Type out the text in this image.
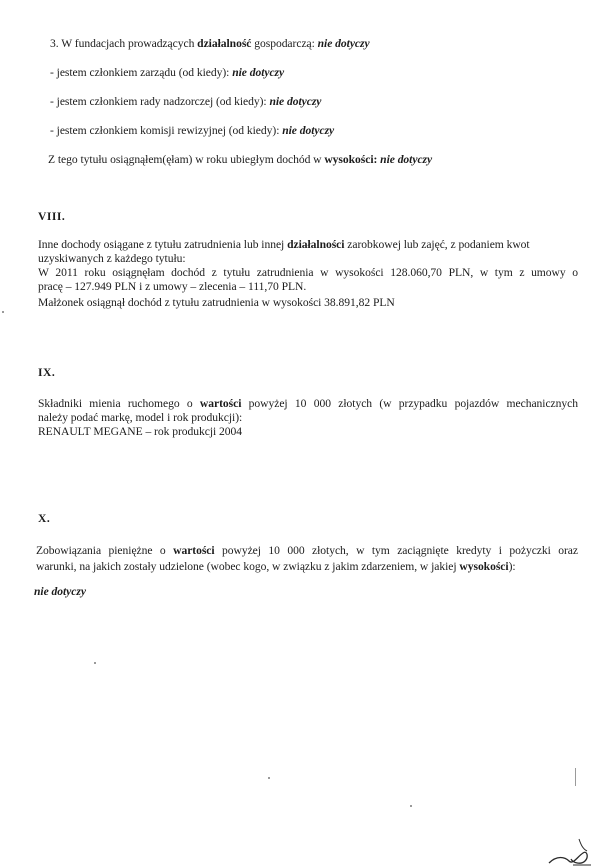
3. W fundacjach prowadzących działalność gospodarczą: nie dotyczy
- jestem członkiem zarządu (od kiedy): nie dotyczy
- jestem członkiem rady nadzorczej (od kiedy): nie dotyczy
- jestem członkiem komisji rewizyjnej (od kiedy): nie dotyczy
Z tego tytułu osiągnąłem(ęłam) w roku ubiegłym dochód w wysokości: nie dotyczy
VIII.
Inne dochody osiągane z tytułu zatrudnienia lub innej działalności zarobkowej lub zajęć, z podaniem kwot
uzyskiwanych z każdego tytułu:
W 2011 roku osiągnęłam dochód z tytułu zatrudnienia w wysokości 128.060,70 PLN, w tym z umowy o
pracę – 127.949 PLN i z umowy – zlecenia – 111,70 PLN.
Małżonek osiągnął dochód z tytułu zatrudnienia w wysokości 38.891,82 PLN
IX.
Składniki mienia ruchomego o wartości powyżej 10 000 złotych (w przypadku pojazdów mechanicznych
należy podać markę, model i rok produkcji):
RENAULT MEGANE – rok produkcji 2004
X.
Zobowiązania pieniężne o wartości powyżej 10 000 złotych, w tym zaciągnięte kredyty i pożyczki oraz
warunki, na jakich zostały udzielone (wobec kogo, w związku z jakim zdarzeniem, w jakiej wysokości):
nie dotyczy
